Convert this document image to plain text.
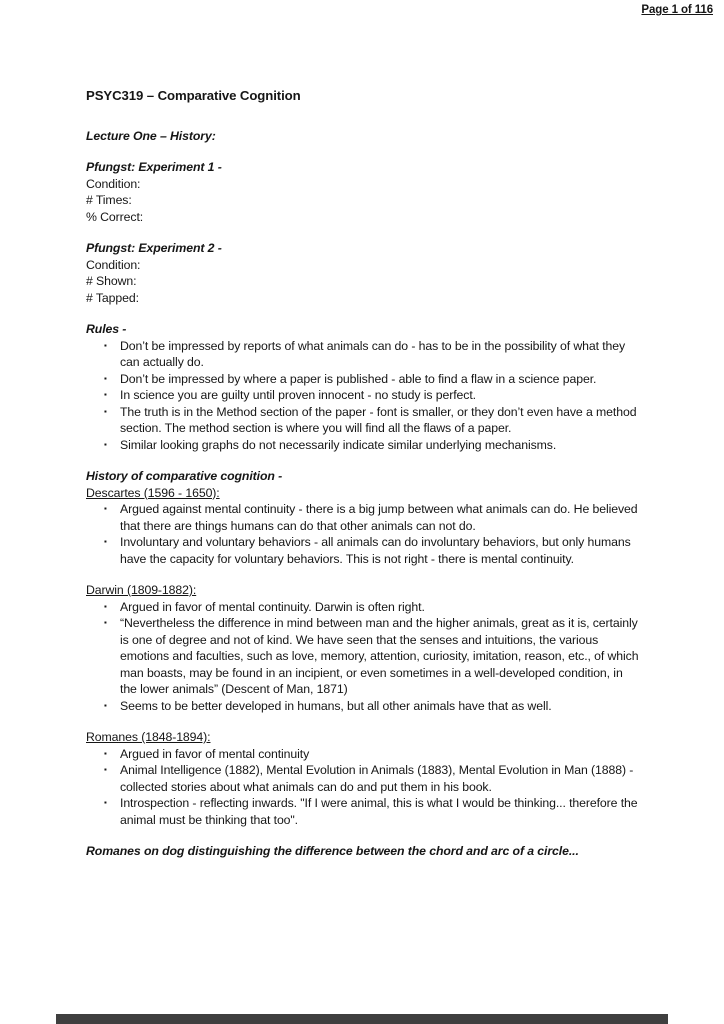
Page 1 of 116
PSYC319 – Comparative Cognition
Lecture One – History:
Pfungst: Experiment 1 -
Condition:
# Times:
% Correct:
Pfungst: Experiment 2 -
Condition:
# Shown:
# Tapped:
Rules -
▪	Don’t be impressed by reports of what animals can do - has to be in the possibility of what they can actually do.
▪	Don’t be impressed by where a paper is published - able to find a flaw in a science paper.
▪	In science you are guilty until proven innocent - no study is perfect.
▪	The truth is in the Method section of the paper - font is smaller, or they don’t even have a method section. The method section is where you will find all the flaws of a paper.
▪	Similar looking graphs do not necessarily indicate similar underlying mechanisms.
History of comparative cognition -
Descartes (1596 - 1650):
▪	Argued against mental continuity - there is a big jump between what animals can do. He believed that there are things humans can do that other animals can not do.
▪	Involuntary and voluntary behaviors - all animals can do involuntary behaviors, but only humans have the capacity for voluntary behaviors. This is not right - there is mental continuity.
Darwin (1809-1882):
▪	Argued in favor of mental continuity. Darwin is often right.
▪	“Nevertheless the difference in mind between man and the higher animals, great as it is, certainly is one of degree and not of kind. We have seen that the senses and intuitions, the various emotions and faculties, such as love, memory, attention, curiosity, imitation, reason, etc., of which man boasts, may be found in an incipient, or even sometimes in a well-developed condition, in the lower animals” (Descent of Man, 1871)
▪	Seems to be better developed in humans, but all other animals have that as well.
Romanes (1848-1894):
▪	Argued in favor of mental continuity
▪	Animal Intelligence (1882), Mental Evolution in Animals (1883), Mental Evolution in Man (1888) - collected stories about what animals can do and put them in his book.
▪	Introspection - reflecting inwards. "If I were animal, this is what I would be thinking... therefore the animal must be thinking that too".
Romanes on dog distinguishing the difference between the chord and arc of a circle...
